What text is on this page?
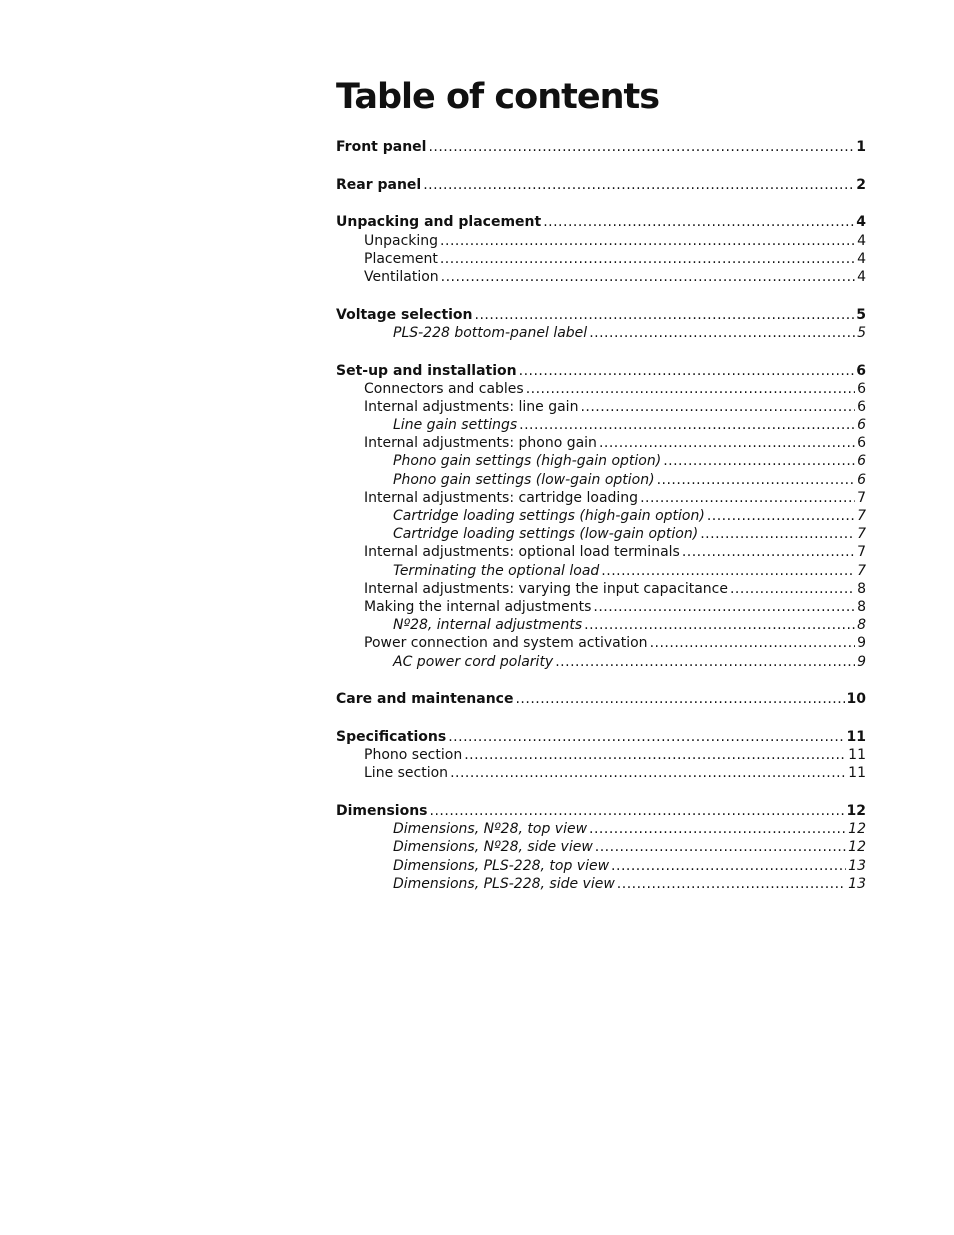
Table of contents
Front panel .....	1
Rear panel .....	2
Unpacking and placement .....	4
Unpacking .....	4
Placement .....	4
Ventilation .....	4
Voltage selection .....	5
PLS-228 bottom-panel label .....	5
Set-up and installation .....	6
Connectors and cables .....	6
Internal adjustments: line gain .....	6
Line gain settings .....	6
Internal adjustments: phono gain .....	6
Phono gain settings (high-gain option) .....	6
Phono gain settings (low-gain option) .....	6
Internal adjustments: cartridge loading .....	7
Cartridge loading settings (high-gain option) .....	7
Cartridge loading settings (low-gain option) .....	7
Internal adjustments: optional load terminals .....	7
Terminating the optional load .....	7
Internal adjustments: varying the input capacitance .....	8
Making the internal adjustments .....	8
Nº28, internal adjustments .....	8
Power connection and system activation .....	9
AC power cord polarity .....	9
Care and maintenance .....	10
Specifications .....	11
Phono section .....	11
Line section .....	11
Dimensions .....	12
Dimensions, Nº28, top view .....	12
Dimensions, Nº28, side view .....	12
Dimensions, PLS-228, top view .....	13
Dimensions, PLS-228, side view .....	13
